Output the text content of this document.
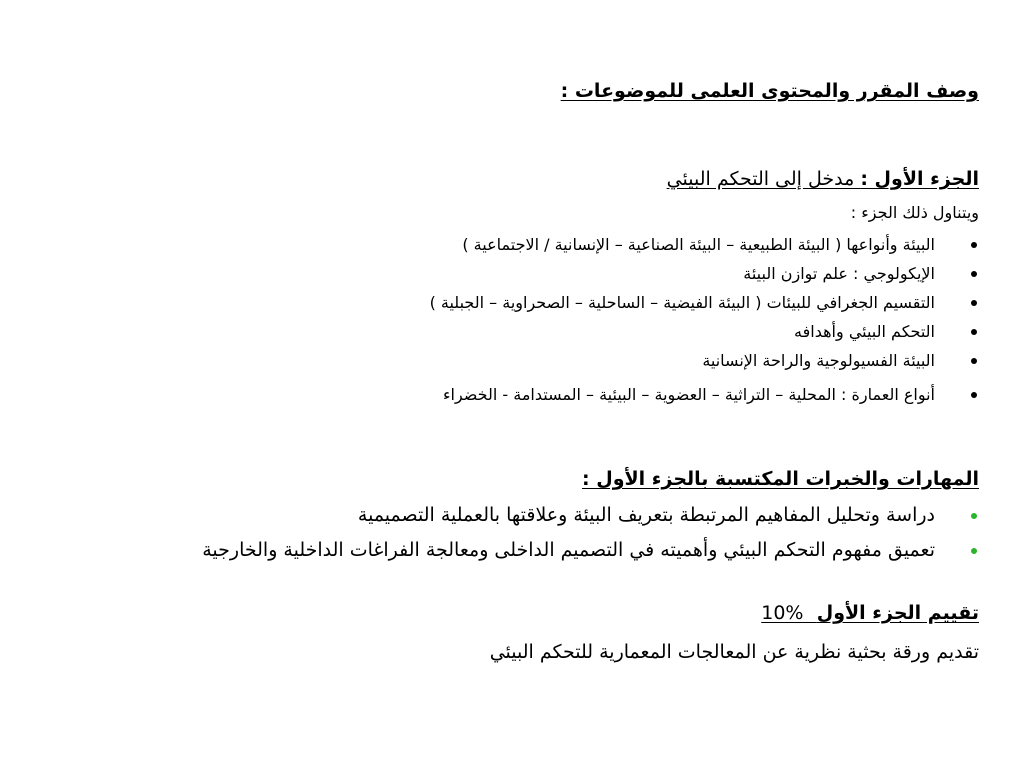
وصف المقرر والمحتوى العلمى للموضوعات :

الجزء الأول : مدخل إلى التحكم البيئي

ويتناول ذلك الجزء :

البيئة وأنواعها ( البيئة الطبيعية – البيئة الصناعية – الإنسانية / الاجتماعية )
الإيكولوجي : علم توازن البيئة
التقسيم الجغرافي للبيئات ( البيئة الفيضية – الساحلية – الصحراوية – الجبلية )
التحكم البيئي وأهدافه
البيئة الفسيولوجية والراحة الإنسانية
أنواع العمارة : المحلية – التراثية – العضوية – البيئية – المستدامة - الخضراء

المهارات والخبرات المكتسبة بالجزء الأول :

دراسة وتحليل المفاهيم المرتبطة بتعريف البيئة وعلاقتها بالعملية التصميمية
تعميق مفهوم التحكم البيئي وأهميته في التصميم الداخلى ومعالجة الفراغات الداخلية والخارجية

تقييم الجزء الأول  10%

تقديم ورقة بحثية نظرية عن المعالجات المعمارية للتحكم البيئي
